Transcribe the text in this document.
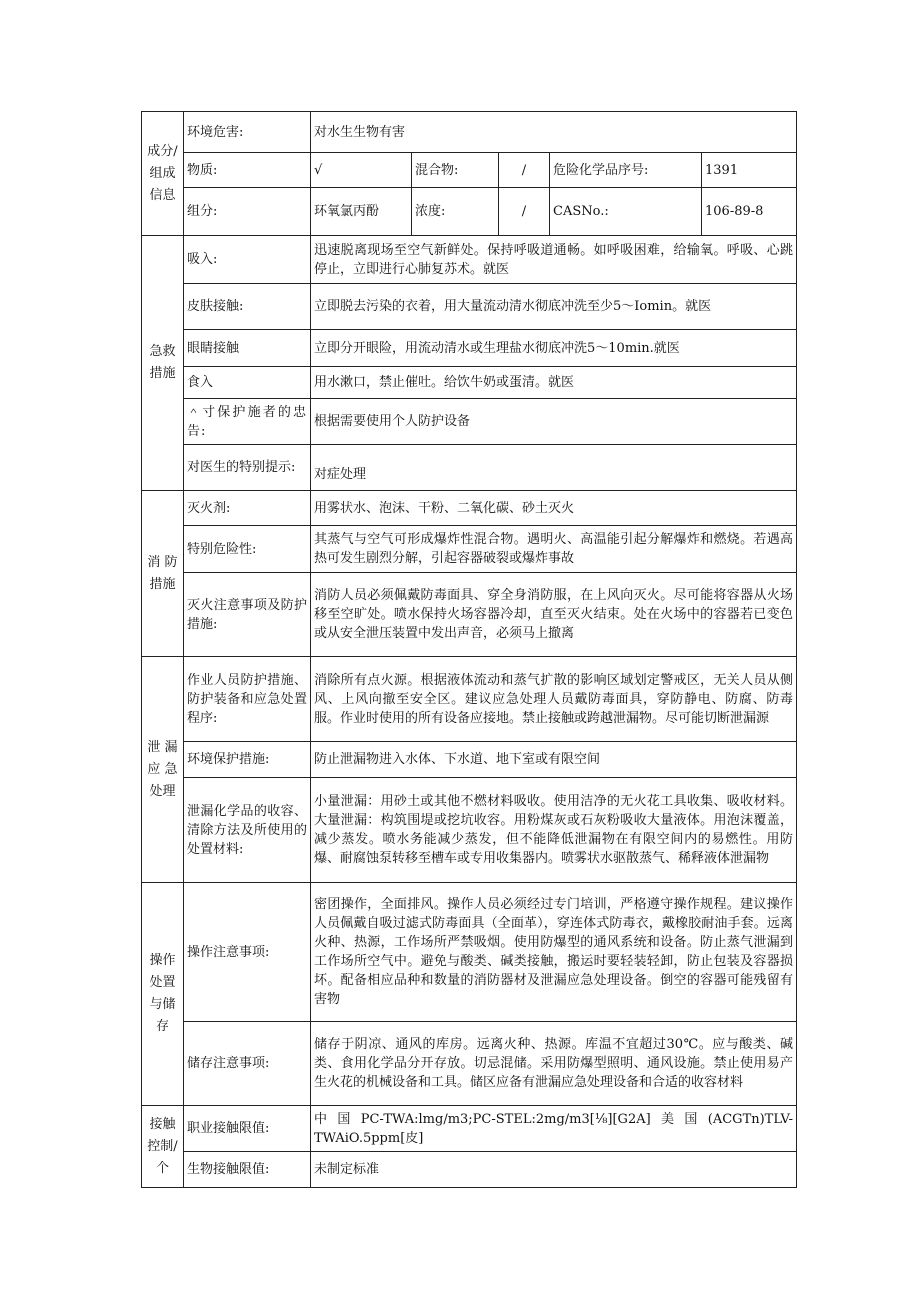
成分/组成信息	环境危害:	对水生生物有害				
	物质:	√	混合物:	/	危险化学品序号:	1391
	组分:	环氧氯丙酚	浓度:	/	CASNo.:	106-89-8
急救措施	吸入:	迅速脱离现场至空气新鲜处。保持呼吸道通畅。如呼吸困难，给输氧。呼吸、心跳停止，立即进行心肺复苏术。就医				
	皮肤接触:	立即脱去污染的衣着，用大量流动清水彻底冲洗至少5～Iomin。就医				
	眼睛接触	立即分开眼险，用流动清水或生理盐水彻底冲洗5～10min.就医				
	食入	用水漱口，禁止催吐。给饮牛奶或蛋清。就医				
	＾寸保护施者的忠告:	根据需要使用个人防护设备				
	对医生的特别提示:	对症处理				
消 防措施	灭火剂:	用雾状水、泡沫、干粉、二氧化碳、砂土灭火				
	特别危险性:	其蒸气与空气可形成爆炸性混合物。遇明火、高温能引起分解爆炸和燃烧。若遇高热可发生剧烈分解，引起容器破裂或爆炸事故				
	灭火注意事项及防护措施:	消防人员必须佩戴防毒面具、穿全身消防服，在上风向灭火。尽可能将容器从火场移至空旷处。喷水保持火场容器冷却，直至灭火结束。处在火场中的容器若已变色或从安全泄压装置中发出声音，必须马上撤离				
泄 漏应 急处理	作业人员防护措施、防护装备和应急处置程序:	消除所有点火源。根据液体流动和蒸气扩散的影响区域划定警戒区，无关人员从侧风、上风向撤至安全区。建议应急处理人员戴防毒面具，穿防静电、防腐、防毒服。作业时使用的所有设备应接地。禁止接触或跨越泄漏物。尽可能切断泄漏源				
	环境保护措施:	防止泄漏物进入水体、下水道、地下室或有限空间				
	泄漏化学品的收容、清除方法及所使用的处置材料:	小量泄漏：用砂土或其他不燃材料吸收。使用洁净的无火花工具收集、吸收材料。大量泄漏：构筑围堤或挖坑收容。用粉煤灰或石灰粉吸收大量液体。用泡沫覆盖，减少蒸发。喷水务能减少蒸发，但不能降低泄漏物在有限空间内的易燃性。用防爆、耐腐蚀泵转移至槽车或专用收集器内。喷雾状水驱散蒸气、稀释液体泄漏物				
操作处置与储存	操作注意事项:	密团操作，全面排风。操作人员必须经过专门培训，严格遵守操作规程。建议操作人员佩戴自吸过滤式防毒面具（全面革），穿连体式防毒衣，戴橡胶耐油手套。远离火种、热源，工作场所严禁吸烟。使用防爆型的通风系统和设备。防止蒸气泄漏到工作场所空气中。避免与酸类、碱类接触，搬运时要轻装轻卸，防止包装及容器损坏。配备相应品种和数量的消防器材及泄漏应急处理设备。倒空的容器可能残留有害物				
	储存注意事项:	储存于阴凉、通风的库房。远离火种、热源。库温不宜超过30℃。应与酸类、碱类、食用化学品分开存放。切忌混储。采用防爆型照明、通风设施。禁止使用易产生火花的机械设备和工具。储区应备有泄漏应急处理设备和合适的收容材料				
接触控制/个	职业接触限值:	中国PC-TWA:lmg∕m3;PC-STEL:2mg∕m3[⅛][G2A]美国(ACGTn)TLV-TWAiO.5ppm[皮]				
	生物接触限值:	未制定标准				
